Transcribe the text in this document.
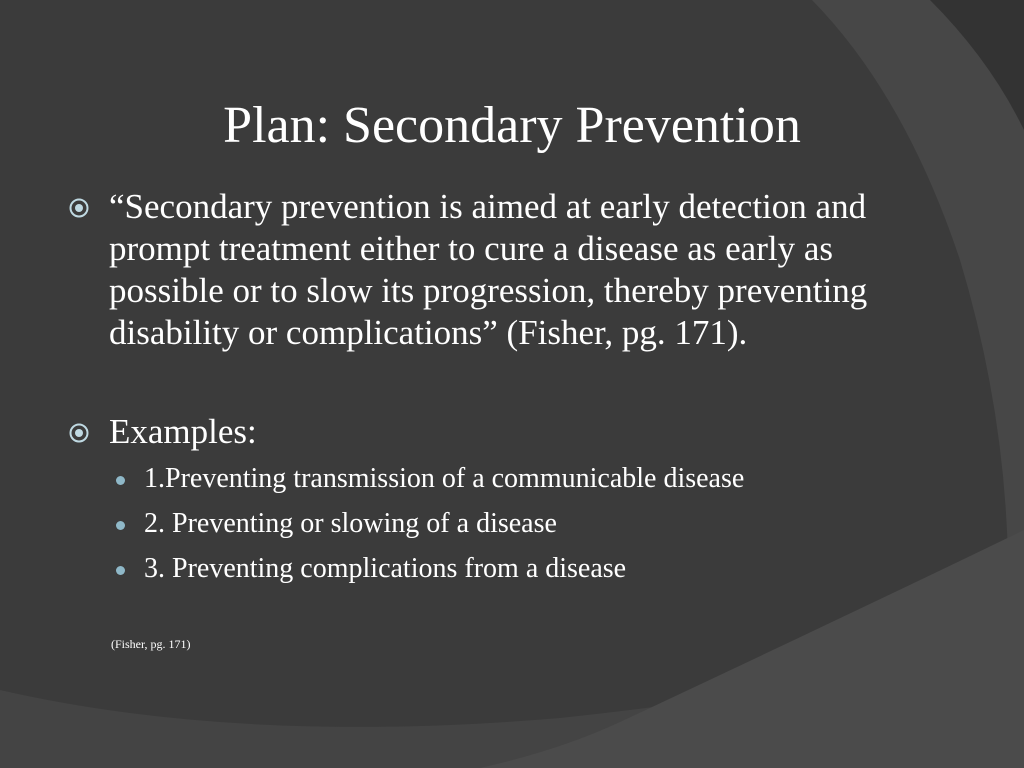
Plan: Secondary Prevention
“Secondary prevention is aimed at early detection and prompt treatment either to cure a disease as early as possible or to slow its progression, thereby preventing disability or complications” (Fisher, pg. 171).
Examples:
1.Preventing transmission of a communicable disease
2. Preventing or slowing of a disease
3. Preventing complications from a disease
(Fisher, pg. 171)
